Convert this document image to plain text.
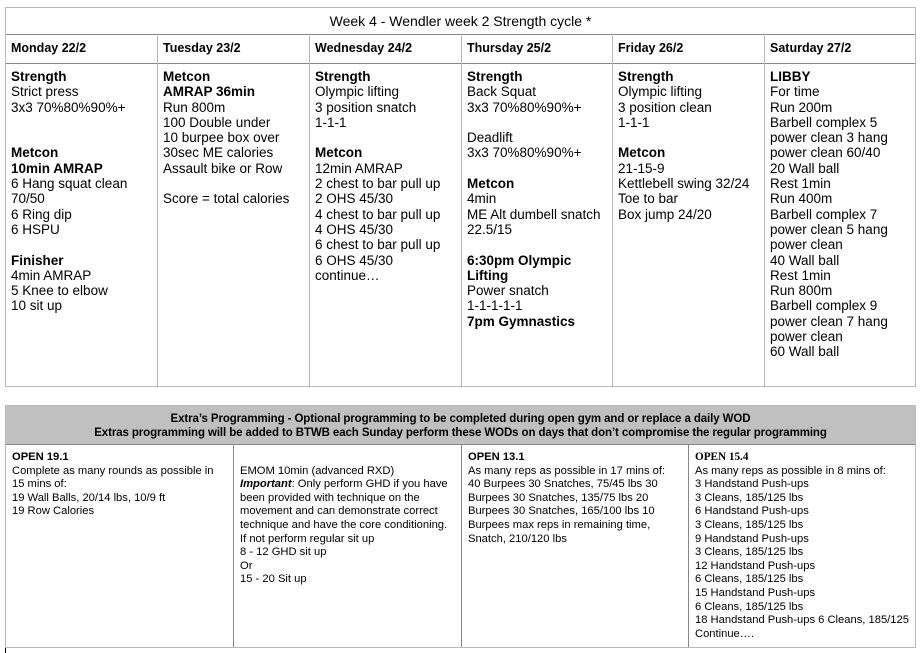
Week 4 - Wendler week 2 Strength cycle *
Monday 22/2
Strength
Strict press
3x3 70%80%90%+
Metcon
10min AMRAP
6 Hang squat clean
70/50
6 Ring dip
6 HSPU
Finisher
4min AMRAP
5 Knee to elbow
10 sit up
Tuesday 23/2
Metcon
AMRAP 36min
Run 800m
100 Double under
10 burpee box over
30sec ME calories
Assault bike or Row
Score = total calories
Wednesday 24/2
Strength
Olympic lifting
3 position snatch
1-1-1
Metcon
12min AMRAP
2 chest to bar pull up
2 OHS 45/30
4 chest to bar pull up
4 OHS 45/30
6 chest to bar pull up
6 OHS 45/30
continue…
Thursday 25/2
Strength
Back Squat
3x3 70%80%90%+
Deadlift
3x3 70%80%90%+
Metcon
4min
ME Alt dumbell snatch
22.5/15
6:30pm Olympic
Lifting
Power snatch
1-1-1-1-1
7pm Gymnastics
Friday 26/2
Strength
Olympic lifting
3 position clean
1-1-1
Metcon
21-15-9
Kettlebell swing 32/24
Toe to bar
Box jump 24/20
Saturday 27/2
LIBBY
For time
Run 200m
Barbell complex 5
power clean 3 hang
power clean 60/40
20 Wall ball
Rest 1min
Run 400m
Barbell complex 7
power clean 5 hang
power clean
40 Wall ball
Rest 1min
Run 800m
Barbell complex 9
power clean 7 hang
power clean
60 Wall ball
Extra’s Programming - Optional programming to be completed during open gym and or replace a daily WOD
Extras programming will be added to BTWB each Sunday perform these WODs on days that don’t compromise the regular programming
OPEN 19.1
Complete as many rounds as possible in
15 mins of:
19 Wall Balls, 20/14 lbs, 10/9 ft
19 Row Calories
EMOM 10min (advanced RXD)
Important: Only perform GHD if you have
been provided with technique on the
movement and can demonstrate correct
technique and have the core conditioning.
If not perform regular sit up
8 - 12 GHD sit up
Or
15 - 20 Sit up
OPEN 13.1
As many reps as possible in 17 mins of:
40 Burpees 30 Snatches, 75/45 lbs 30
Burpees 30 Snatches, 135/75 lbs 20
Burpees 30 Snatches, 165/100 lbs 10
Burpees max reps in remaining time,
Snatch, 210/120 lbs
OPEN 15.4
As many reps as possible in 8 mins of:
3 Handstand Push-ups
3 Cleans, 185/125 lbs
6 Handstand Push-ups
3 Cleans, 185/125 lbs
9 Handstand Push-ups
3 Cleans, 185/125 lbs
12 Handstand Push-ups
6 Cleans, 185/125 lbs
15 Handstand Push-ups
6 Cleans, 185/125 lbs
18 Handstand Push-ups 6 Cleans, 185/125
Continue….
